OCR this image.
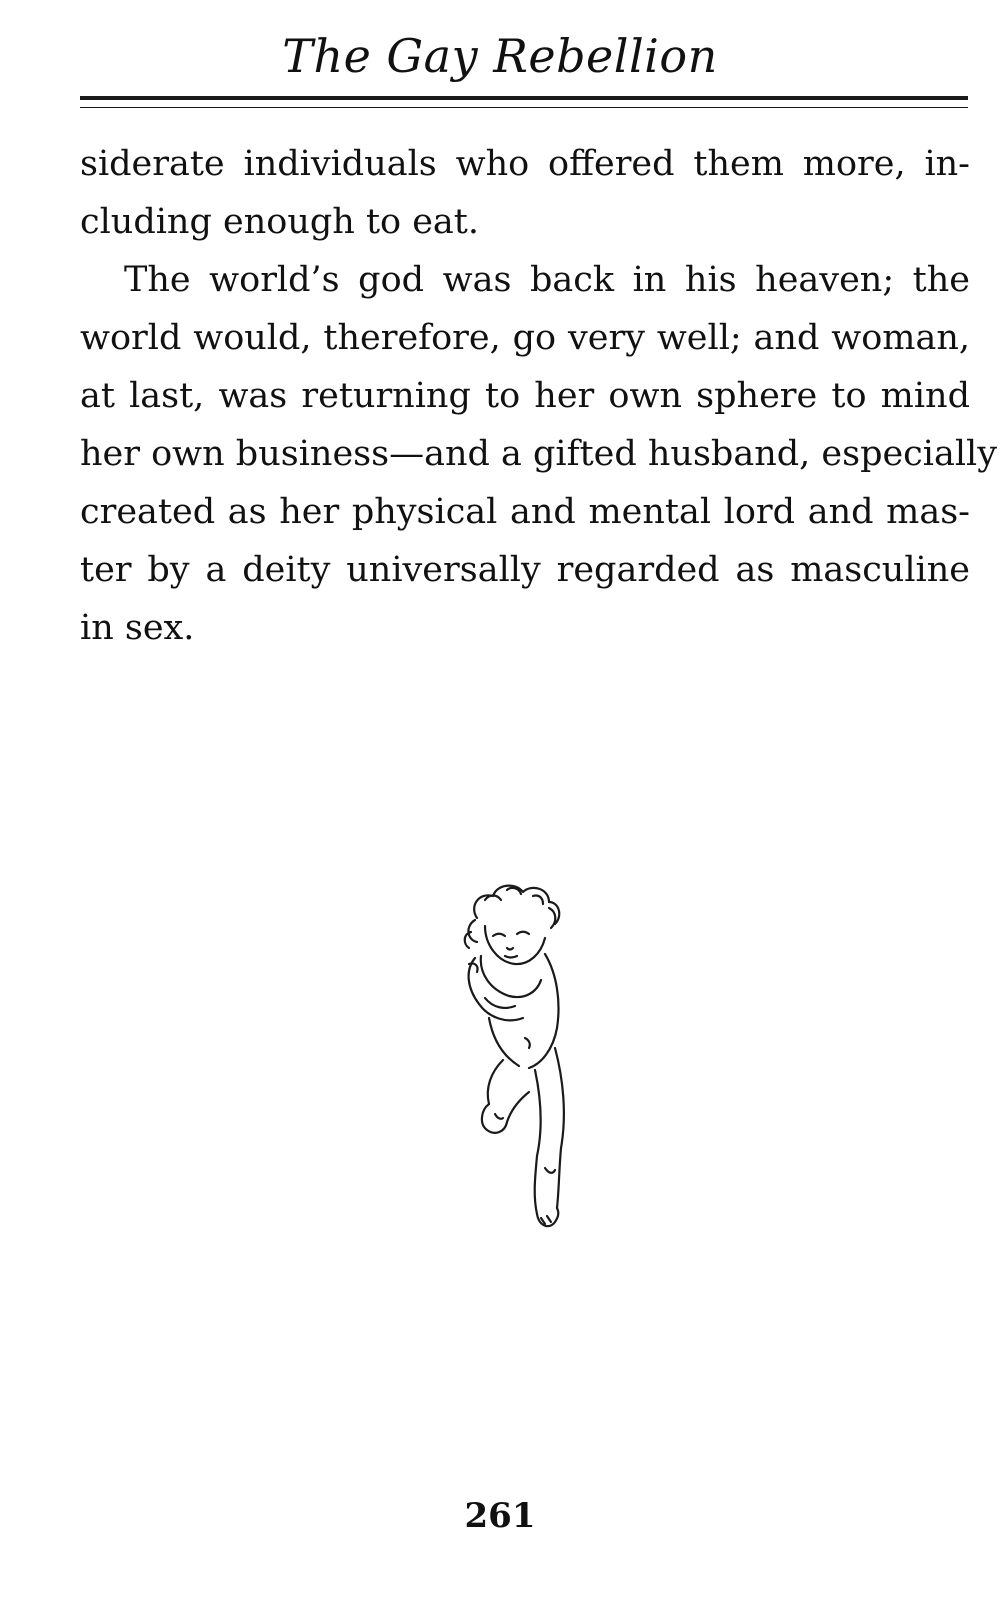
The Gay Rebellion
siderate individuals who offered them more, in-
cluding enough to eat.
The world’s god was back in his heaven; the
world would, therefore, go very well; and woman,
at last, was returning to her own sphere to mind
her own business—and a gifted husband, especially
created as her physical and mental lord and mas-
ter by a deity universally regarded as masculine
in sex.
261
